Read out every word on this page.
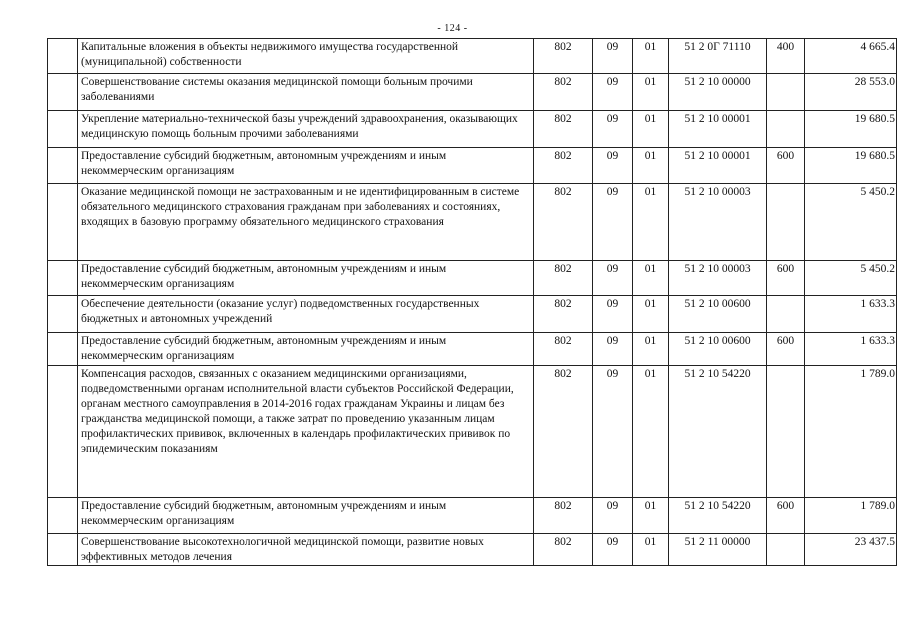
- 124 -
	Капитальные вложения в объекты недвижимого имущества государственной (муниципальной) собственности	802	09	01	51 2 0Г 71110	400	4 665.4
	Совершенствование системы оказания медицинской помощи больным прочими заболеваниями	802	09	01	51 2 10 00000		28 553.0
	Укрепление материально-технической базы учреждений здравоохранения, оказывающих медицинскую помощь больным прочими заболеваниями	802	09	01	51 2 10 00001		19 680.5
	Предоставление субсидий бюджетным, автономным учреждениям и иным некоммерческим организациям	802	09	01	51 2 10 00001	600	19 680.5
	Оказание медицинской помощи не застрахованным и не идентифицированным в системе обязательного медицинского страхования гражданам при заболеваниях и состояниях, входящих в базовую программу обязательного медицинского страхования	802	09	01	51 2 10 00003		5 450.2
	Предоставление субсидий бюджетным, автономным учреждениям и иным некоммерческим организациям	802	09	01	51 2 10 00003	600	5 450.2
	Обеспечение деятельности (оказание услуг) подведомственных государственных бюджетных и автономных учреждений	802	09	01	51 2 10 00600		1 633.3
	Предоставление субсидий бюджетным, автономным учреждениям и иным некоммерческим организациям	802	09	01	51 2 10 00600	600	1 633.3
	Компенсация расходов, связанных с оказанием медицинскими организациями, подведомственными органам исполнительной власти субъектов Российской Федерации, органам местного самоуправления в 2014-2016 годах гражданам Украины и лицам без гражданства медицинской помощи, а также затрат по проведению указанным лицам профилактических прививок, включенных в календарь профилактических прививок по эпидемическим показаниям	802	09	01	51 2 10 54220		1 789.0
	Предоставление субсидий бюджетным, автономным учреждениям и иным некоммерческим организациям	802	09	01	51 2 10 54220	600	1 789.0
	Совершенствование высокотехнологичной медицинской помощи, развитие новых эффективных методов лечения	802	09	01	51 2 11 00000		23 437.5
